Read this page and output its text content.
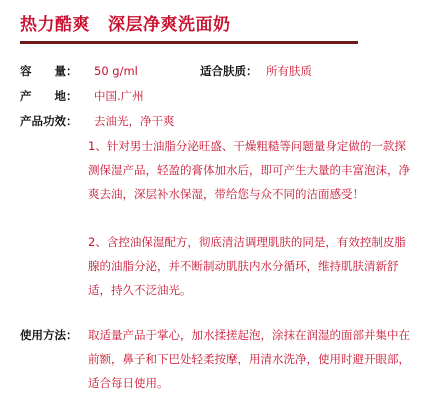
热力酷爽 深层净爽洗面奶
容　　量： 50 g/ml	适合肤质： 所有肤质
产　　地： 中国.广州
产品功效： 去油光，净干爽
1、针对男士油脂分泌旺盛、干燥粗糙等问题量身定做的一款探测保湿产品，轻盈的膏体加水后，即可产生大量的丰富泡沫，净爽去油，深层补水保湿，带给您与众不同的洁面感受！
2、含控油保湿配方，彻底清洁调理肌肤的同是，有效控制皮脂腺的油脂分泌，并不断制动肌肤内水分循环，维持肌肤清新舒适，持久不泛油光。
使用方法： 取适量产品于掌心，加水揉搓起泡，涂抹在润湿的面部并集中在前额，鼻子和下巴处轻柔按摩，用清水洗净，使用时避开眼部，适合每日使用。
